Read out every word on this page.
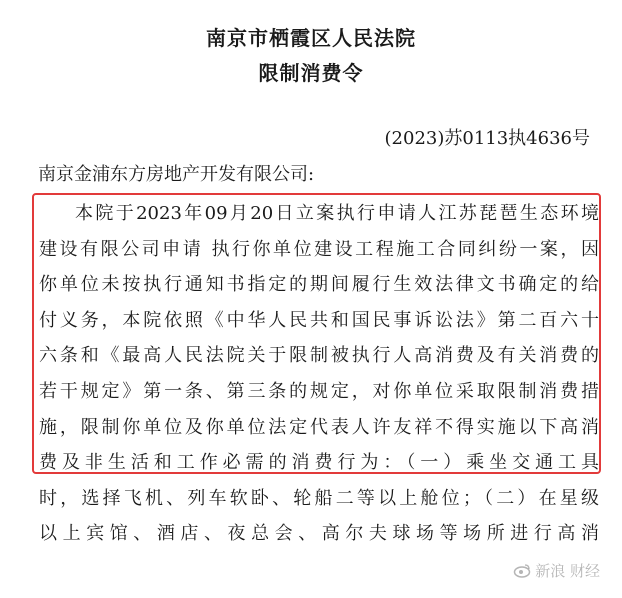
南京市栖霞区人民法院
限制消费令
(2023)苏0113执4636号
南京金浦东方房地产开发有限公司:
本院于2023年09月20日立案执行申请人江苏琵琶生态环境
建设有限公司申请 执行你单位建设工程施工合同纠纷一案，因
你单位未按执行通知书指定的期间履行生效法律文书确定的给
付义务，本院依照《中华人民共和国民事诉讼法》第二百六十
六条和《最高人民法院关于限制被执行人高消费及有关消费的
若干规定》第一条、第三条的规定，对你单位采取限制消费措
施，限制你单位及你单位法定代表人许友祥不得实施以下高消
费及非生活和工作必需的消费行为：（一）乘坐交通工具
时，选择飞机、列车软卧、轮船二等以上舱位；（二）在星级
以上宾馆、酒店、夜总会、高尔夫球场等场所进行高消
新浪 财经
